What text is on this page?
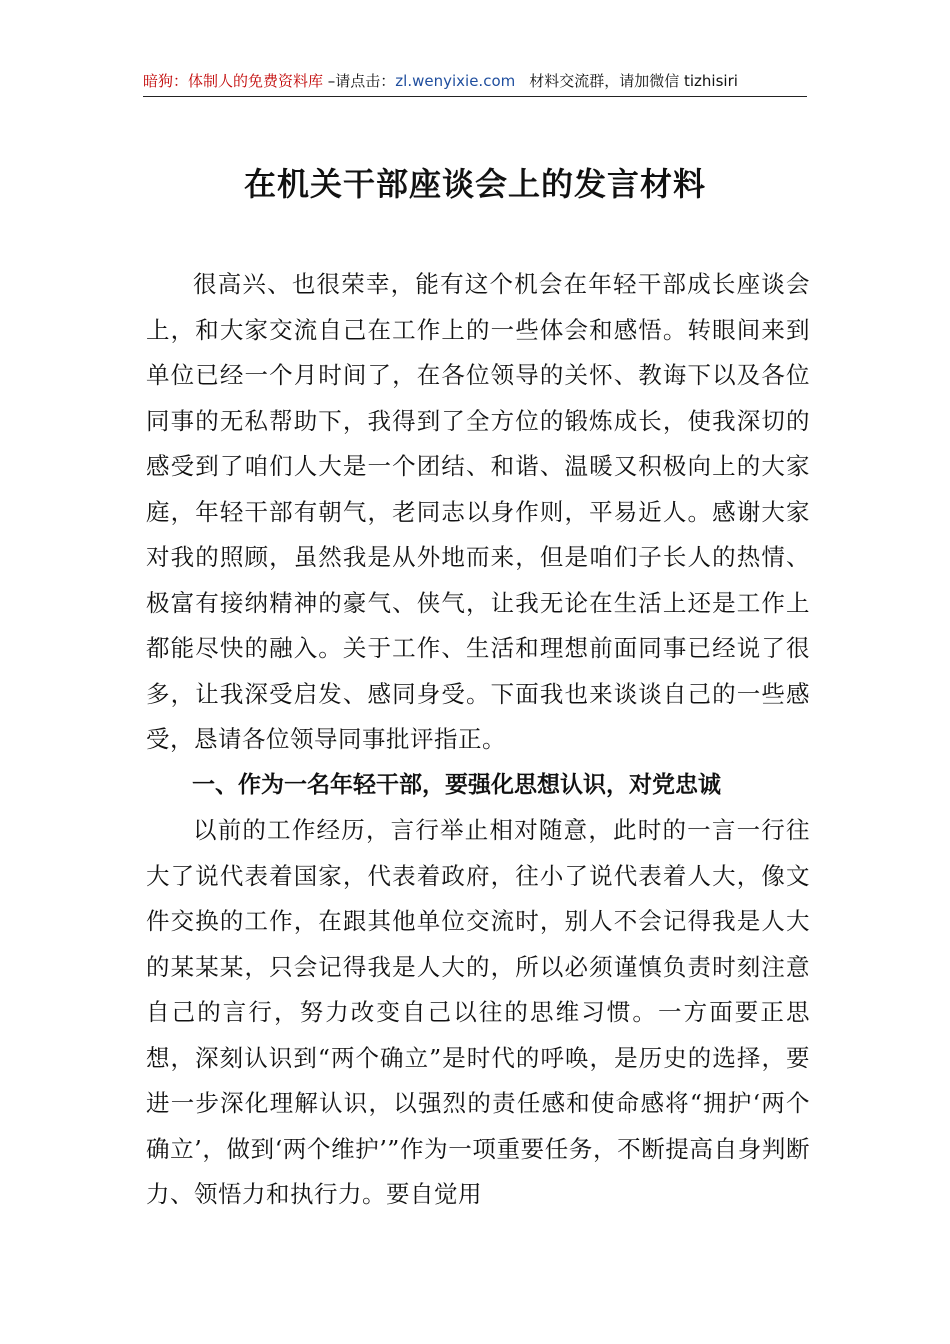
暗狗：体制人的免费资料库 –请点击：zl.wenyixie.com 材料交流群，请加微信 tizhisiri
在机关干部座谈会上的发言材料

很高兴、也很荣幸，能有这个机会在年轻干部成长座谈会上，和大家交流自己在工作上的一些体会和感悟。转眼间来到单位已经一个月时间了，在各位领导的关怀、教诲下以及各位同事的无私帮助下，我得到了全方位的锻炼成长，使我深切的感受到了咱们人大是一个团结、和谐、温暖又积极向上的大家庭，年轻干部有朝气，老同志以身作则，平易近人。感谢大家对我的照顾，虽然我是从外地而来，但是咱们子长人的热情、极富有接纳精神的豪气、侠气，让我无论在生活上还是工作上都能尽快的融入。关于工作、生活和理想前面同事已经说了很多，让我深受启发、感同身受。下面我也来谈谈自己的一些感受，恳请各位领导同事批评指正。

一、作为一名年轻干部，要强化思想认识，对党忠诚

以前的工作经历，言行举止相对随意，此时的一言一行往大了说代表着国家，代表着政府，往小了说代表着人大，像文件交换的工作，在跟其他单位交流时，别人不会记得我是人大的某某某，只会记得我是人大的，所以必须谨慎负责时刻注意自己的言行，努力改变自己以往的思维习惯。一方面要正思想，深刻认识到“两个确立”是时代的呼唤，是历史的选择，要进一步深化理解认识，以强烈的责任感和使命感将“拥护‘两个确立’，做到‘两个维护’”作为一项重要任务，不断提高自身判断力、领悟力和执行力。要自觉用
